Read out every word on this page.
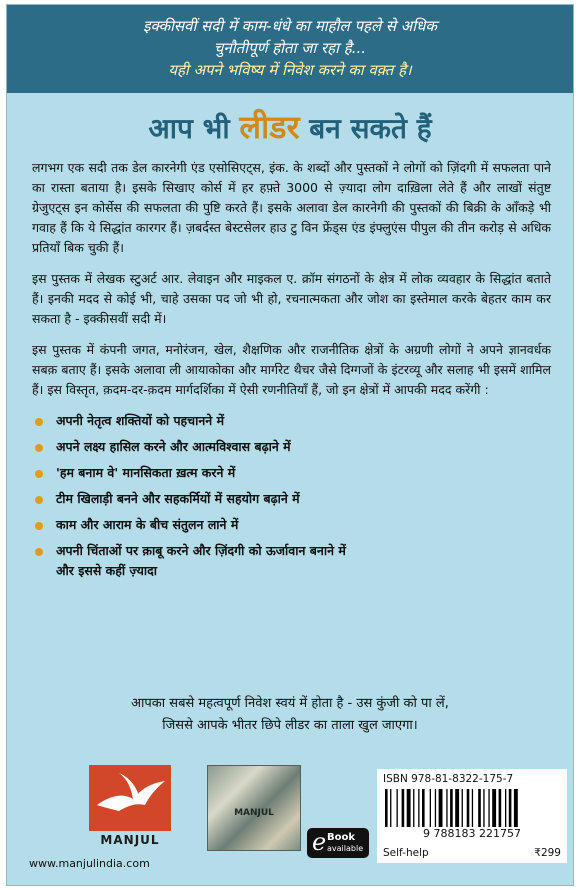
इक्कीसवीं सदी में काम-धंधे का माहौल पहले से अधिक
चुनौतीपूर्ण होता जा रहा है...
यही अपने भविष्य में निवेश करने का वक़्त है।
आप भी लीडर बन सकते हैं

लगभग एक सदी तक डेल कारनेगी एंड एसोसिएट्स, इंक. के शब्दों और पुस्तकों ने लोगों को ज़िंदगी में सफलता पाने का रास्ता बताया है। इसके सिखाए कोर्स में हर हफ़्ते 3000 से ज़्यादा लोग दाख़िला लेते हैं और लाखों संतुष्ट ग्रेजुएट्स इन कोर्सेस की सफलता की पुष्टि करते हैं। इसके अलावा डेल कारनेगी की पुस्तकों की बिक्री के आँकड़े भी गवाह हैं कि ये सिद्धांत कारगर हैं। ज़बर्दस्त बेस्टसेलर हाउ टु विन फ्रेंड्स एंड इंफ्लुएंस पीपुल की तीन करोड़ से अधिक प्रतियाँ बिक चुकी हैं।

इस पुस्तक में लेखक स्टुअर्ट आर. लेवाइन और माइकल ए. क्रॉम संगठनों के क्षेत्र में लोक व्यवहार के सिद्धांत बताते हैं। इनकी मदद से कोई भी, चाहे उसका पद जो भी हो, रचनात्मकता और जोश का इस्तेमाल करके बेहतर काम कर सकता है - इक्कीसवीं सदी में।

इस पुस्तक में कंपनी जगत, मनोरंजन, खेल, शैक्षणिक और राजनीतिक क्षेत्रों के अग्रणी लोगों ने अपने ज्ञानवर्धक सबक़ बताए हैं। इसके अलावा ली आयाकोका और मार्गरेट थैचर जैसे दिग्गजों के इंटरव्यू और सलाह भी इसमें शामिल हैं। इस विस्तृत, क़दम-दर-क़दम मार्गदर्शिका में ऐसी रणनीतियाँ हैं, जो इन क्षेत्रों में आपकी मदद करेंगी :

अपनी नेतृत्व शक्तियों को पहचानने में
अपने लक्ष्य हासिल करने और आत्मविश्वास बढ़ाने में
'हम बनाम वे' मानसिकता ख़त्म करने में
टीम खिलाड़ी बनने और सहकर्मियों में सहयोग बढ़ाने में
काम और आराम के बीच संतुलन लाने में
अपनी चिंताओं पर क़ाबू करने और ज़िंदगी को ऊर्जावान बनाने में
और इससे कहीं ज़्यादा
आपका सबसे महत्वपूर्ण निवेश स्वयं में होता है - उस कुंजी को पा लें,
जिससे आपके भीतर छिपे लीडर का ताला खुल जाएगा।
MANJUL
www.manjulindia.com
MANJUL
e Book
available
ISBN 978-81-8322-175-7
9 788183 221757
Self-help	₹299
